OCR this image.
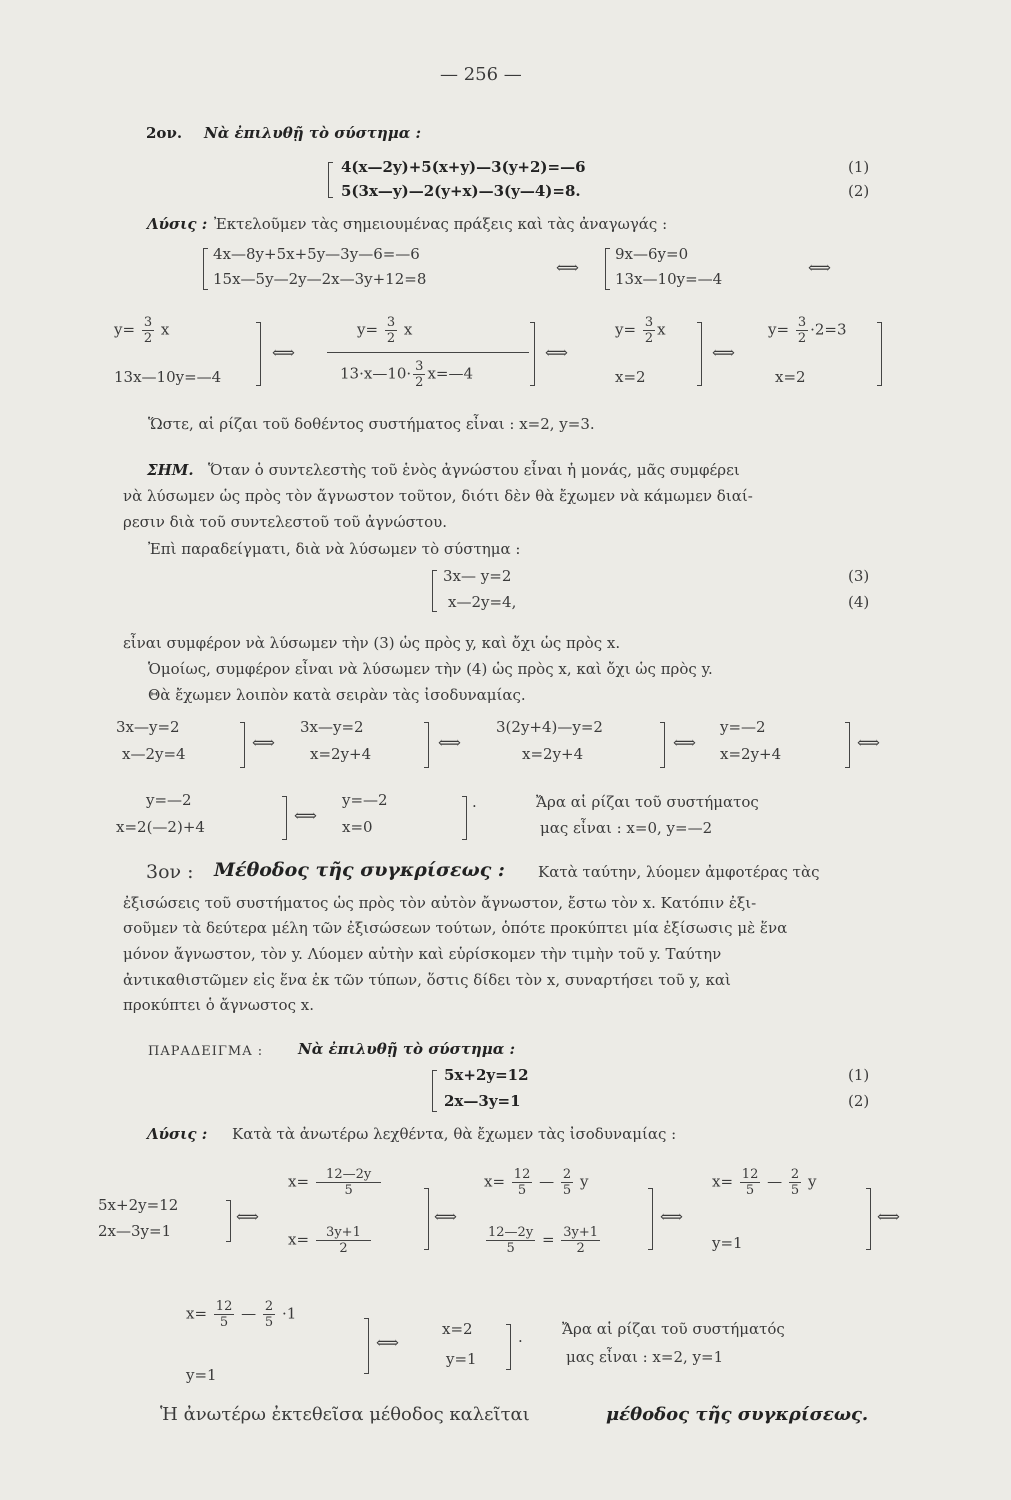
— 256 —
2ον. Νὰ ἐπιλυθῇ τὸ σύστημα :
4(x—2y)+5(x+y)—3(y+2)=—6	(1)
5(3x—y)—2(y+x)—3(y—4)=8.	(2)
Λύσις : Ἐκτελοῦμεν τὰς σημειουμένας πράξεις καὶ τὰς ἀναγωγάς :
4x—8y+5x+5y—3y—6=—6
15x—5y—2y—2x—3y+12=8
⟺
9x—6y=0
13x—10y=—4
⟺
$y= \frac{3}{2}$ x
13x—10y=—4
⟺
$y= \frac{3}{2}$ x
13·x—10· $\frac{3}{2}$ x=—4
⟺
$y= \frac{3}{2}$ x
x=2
⟺
$y= \frac{3}{2} \cdot 2=3$
x=2
Ὥστε, αἱ ρίζαι τοῦ δοθέντος συστήματος εἶναι : x=2, y=3.
ΣΗΜ. Ὅταν ὁ συντελεστὴς τοῦ ἑνὸς ἀγνώστου εἶναι ἡ μονάς, μᾶς συμφέρει
νὰ λύσωμεν ὡς πρὸς τὸν ἄγνωστον τοῦτον, διότι δὲν θὰ ἔχωμεν νὰ κάμωμεν διαί-
ρεσιν διὰ τοῦ συντελεστοῦ τοῦ ἀγνώστου.
Ἐπὶ παραδείγματι, διὰ νὰ λύσωμεν τὸ σύστημα :
3x— y=2	(3)
x—2y=4,	(4)
εἶναι συμφέρον νὰ λύσωμεν τὴν (3) ὡς πρὸς y, καὶ ὄχι ὡς πρὸς x.
Ὁμοίως, συμφέρον εἶναι νὰ λύσωμεν τὴν (4) ὡς πρὸς x, καὶ ὄχι ὡς πρὸς y.
Θὰ ἔχωμεν λοιπὸν κατὰ σειρὰν τὰς ἰσοδυναμίας.
3x—y=2
x—2y=4
⟺
3x—y=2
x=2y+4
⟺
3(2y+4)—y=2
x=2y+4
⟺
y=—2
x=2y+4
⟺
y=—2
x=2(—2)+4
⟺
y=—2
x=0
.	Ἄρα αἱ ρίζαι τοῦ συστήματος
μας εἶναι : x=0, y=—2
3ον : Μέθοδος τῆς συγκρίσεως : Κατὰ ταύτην, λύομεν ἀμφοτέρας τὰς
ἐξισώσεις τοῦ συστήματος ὡς πρὸς τὸν αὐτὸν ἄγνωστον, ἔστω τὸν x. Κατόπιν ἐξι-
σοῦμεν τὰ δεύτερα μέλη τῶν ἐξισώσεων τούτων, ὁπότε προκύπτει μία ἐξίσωσις μὲ ἕνα
μόνον ἄγνωστον, τὸν y. Λύομεν αὐτὴν καὶ εὑρίσκομεν τὴν τιμὴν τοῦ y. Ταύτην
ἀντικαθιστῶμεν εἰς ἕνα ἐκ τῶν τύπων, ὅστις δίδει τὸν x, συναρτήσει τοῦ y, καὶ
προκύπτει ὁ ἄγνωστος x.
ΠΑΡΑΔΕΙΓΜΑ : Νὰ ἐπιλυθῇ τὸ σύστημα :
5x+2y=12	(1)
2x—3y=1	(2)
Λύσις : Κατὰ τὰ ἀνωτέρω λεχθέντα, θὰ ἔχωμεν τὰς ἰσοδυναμίας :
5x+2y=12
2x—3y=1
⟺
$x= \frac{12—2y}{5}$
$x= \frac{3y+1}{2}$
⟺
$x= \frac{12}{5}$ — $\frac{2}{5}$ y
$\frac{12—2y}{5} = \frac{3y+1}{2}$
⟺
$x= \frac{12}{5}$ — $\frac{2}{5}$ y
y=1
⟺
$x= \frac{12}{5}$ — $\frac{2}{5} \cdot 1$
y=1
⟺
x=2
y=1
.	Ἄρα αἱ ρίζαι τοῦ συστήματός
μας εἶναι : x=2, y=1
Ἡ ἀνωτέρω ἐκτεθεῖσα μέθοδος καλεῖται	μέθοδος τῆς συγκρίσεως.
